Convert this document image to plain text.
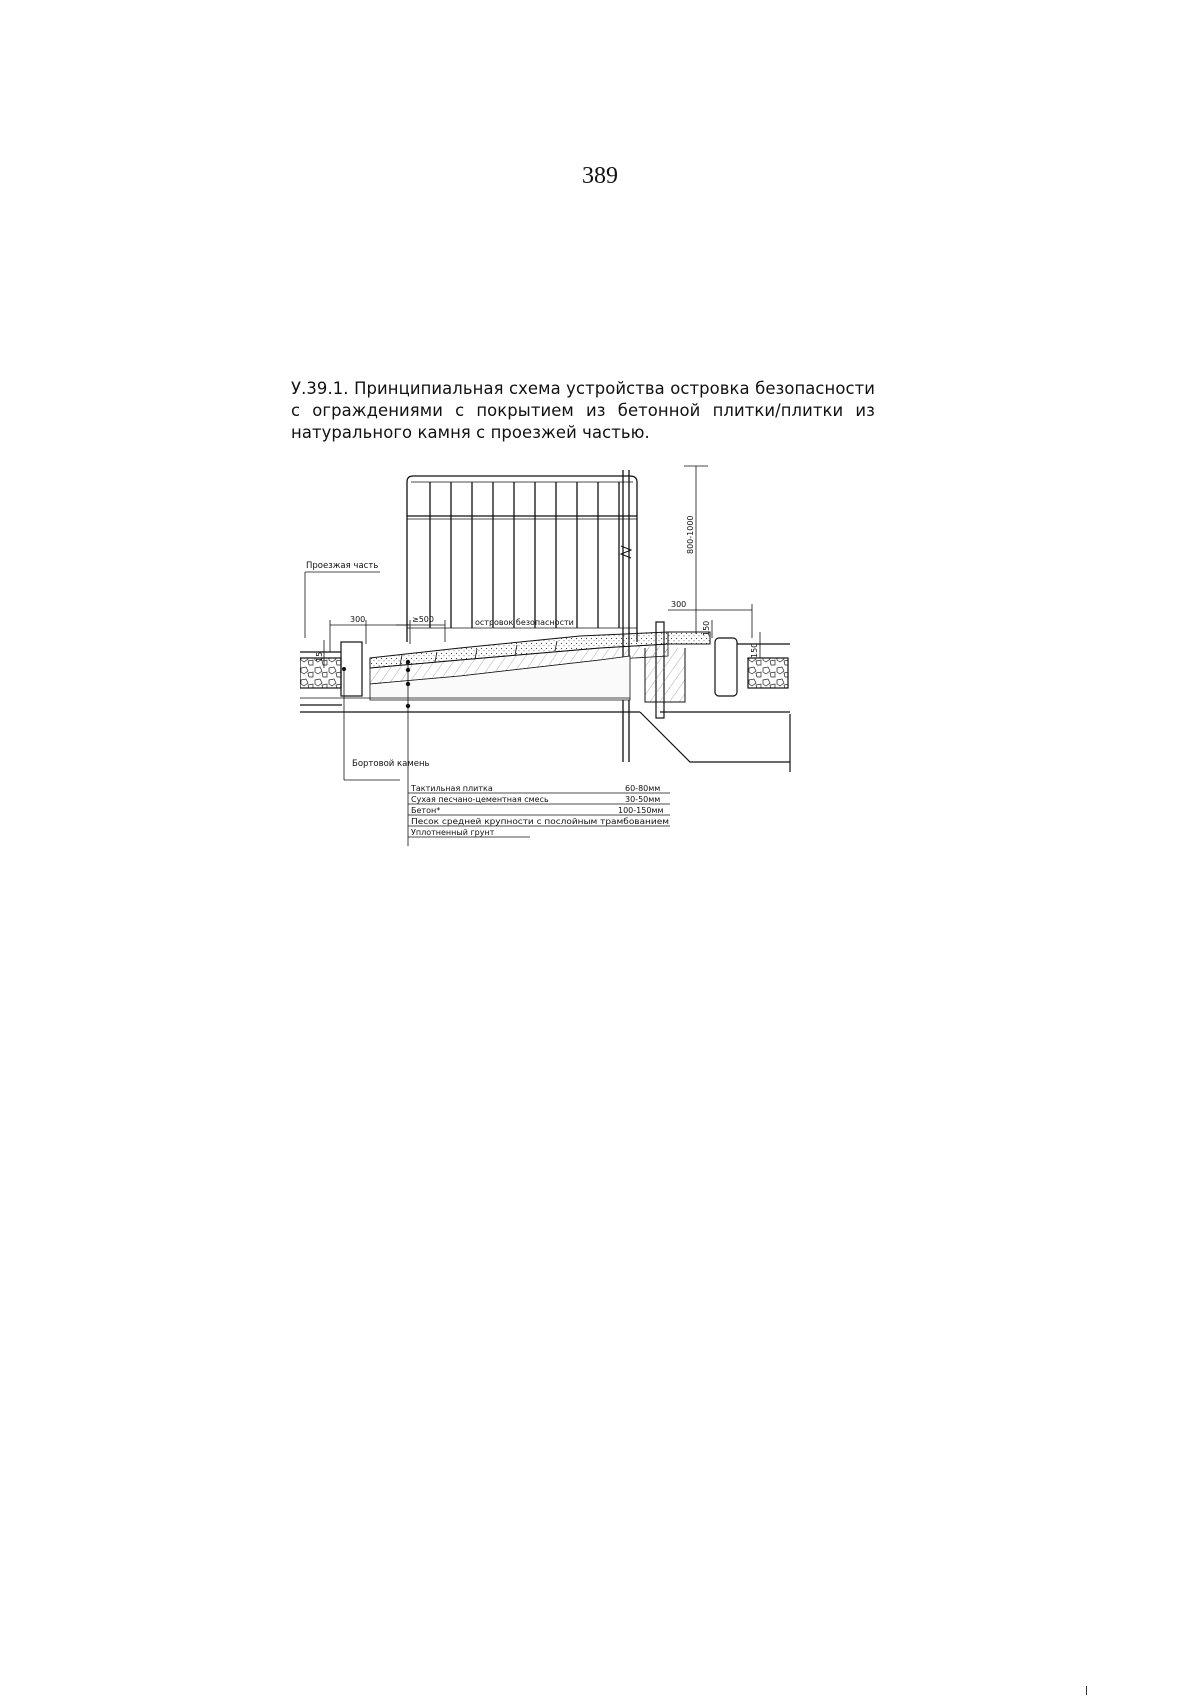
389
У.39.1. Принципиальная схема устройства островка безопасности с ограждениями с покрытием из бетонной плитки/плитки из натурального камня с проезжей частью.
Проезжая часть
островок безопасности
300	≥500
300
800-1000
150
150
15
Бортовой камень
Тактильная плитка	60-80мм
Сухая песчано-цементная смесь	30-50мм
Бетон*	100-150мм
Песок средней крупности с послойным трамбованием
Уплотненный грунт
